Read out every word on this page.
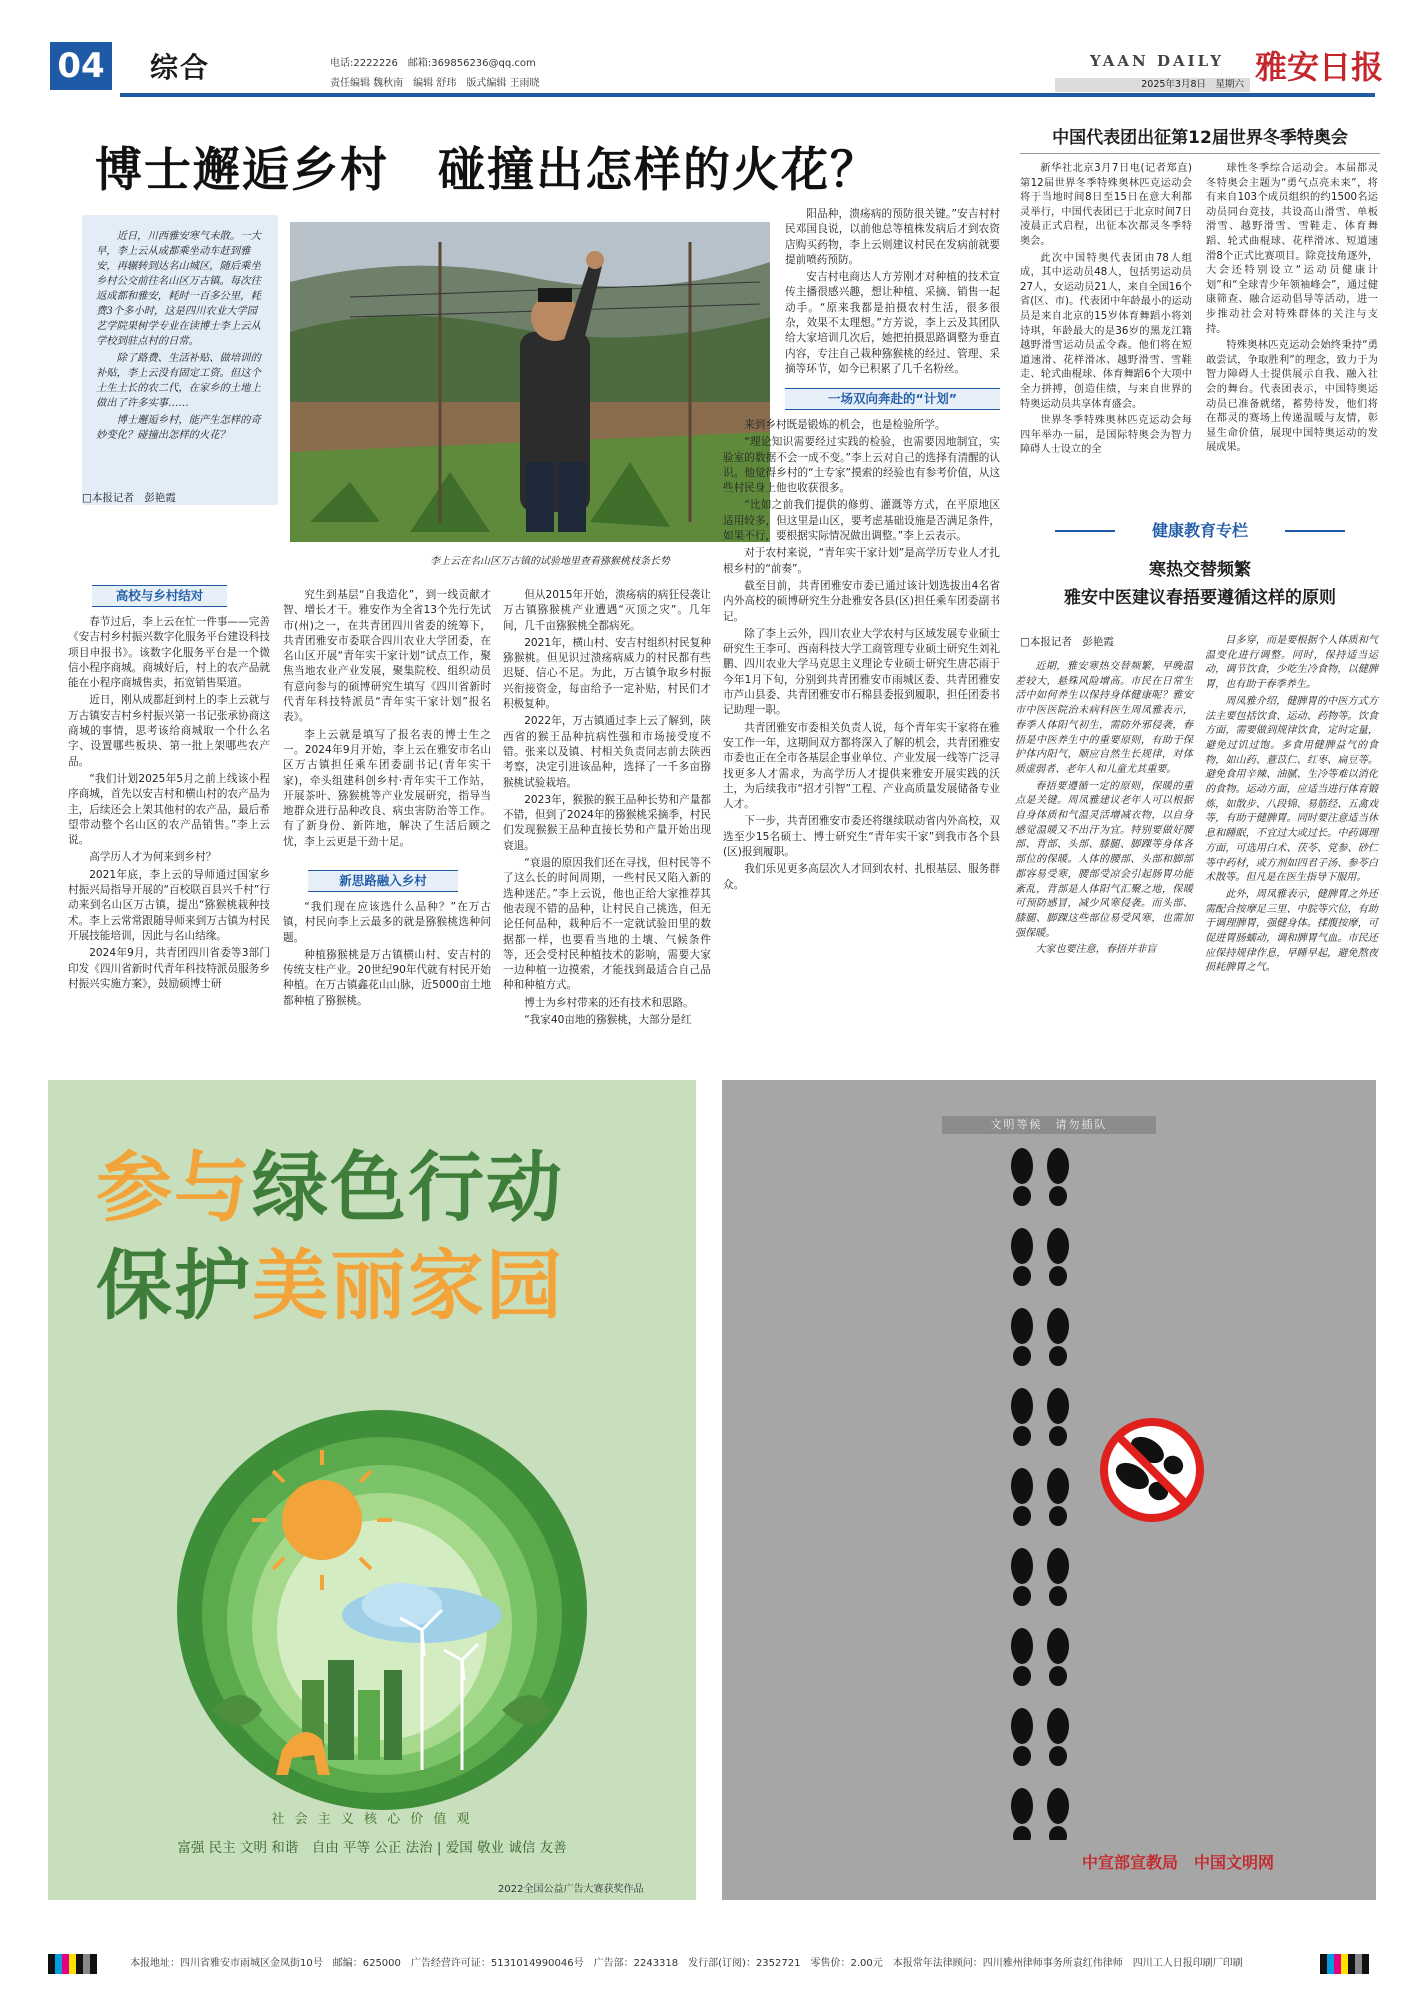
04 综合	电话:2222226　邮箱:369856236@qq.com
责任编辑 魏秋南　编辑 舒玮　版式编辑 王雨晓
YAAN DAILY
2025年3月8日　星期六 雅安日报
博士邂逅乡村　碰撞出怎样的火花？

近日，川西雅安寒气未散。一大早，李上云从成都乘坐动车赶到雅安，再辗转到达名山城区，随后乘坐乡村公交前往名山区万古镇。每次往返成都和雅安，耗时一百多公里，耗费3个多小时，这是四川农业大学园艺学院果树学专业在读博士李上云从学校到驻点村的日常。

除了路费、生活补贴、做培训的补贴，李上云没有固定工资。但这个土生土长的农二代，在家乡的土地上做出了许多实事……

博士邂逅乡村，能产生怎样的奇妙变化？碰撞出怎样的火花？

□本报记者　彭艳霞
李上云在名山区万古镇的试验地里查看猕猴桃枝条长势
高校与乡村结对

春节过后，李上云在忙一件事——完善《安吉村乡村振兴数字化服务平台建设科技项目申报书》。该数字化服务平台是一个微信小程序商城。商城好后，村上的农产品就能在小程序商城售卖，拓宽销售渠道。

近日，刚从成都赶到村上的李上云就与万古镇安吉村乡村振兴第一书记张承协商这商城的事情，思考该给商城取一个什么名字、设置哪些板块、第一批上架哪些农产品。

“我们计划2025年5月之前上线该小程序商城，首先以安吉村和横山村的农产品为主，后续还会上架其他村的农产品，最后希望带动整个名山区的农产品销售。”李上云说。

高学历人才为何来到乡村？

2021年底，李上云的导师通过国家乡村振兴局指导开展的“百校联百县兴千村”行动来到名山区万古镇，提出“猕猴桃栽种技术。李上云常常跟随导师来到万古镇为村民开展技能培训，因此与名山结缘。

2024年9月，共青团四川省委等3部门印发《四川省新时代青年科技特派员服务乡村振兴实施方案》，鼓励硕博士研

究生到基层“自我造化”，到一线贡献才智、增长才干。雅安作为全省13个先行先试市(州)之一，在共青团四川省委的统筹下，共青团雅安市委联合四川农业大学团委，在名山区开展“青年实干家计划”试点工作，聚焦当地农业产业发展，聚集院校、组织动员有意向参与的硕博研究生填写《四川省新时代青年科技特派员“青年实干家计划”报名表》。

李上云就是填写了报名表的博士生之一。2024年9月开始，李上云在雅安市名山区万古镇担任乘车团委副书记(青年实干家)，牵头组建科创乡村·青年实干工作站，开展茶叶、猕猴桃等产业发展研究，指导当地群众进行品种改良、病虫害防治等工作。有了新身份、新阵地，解决了生活后顾之忧，李上云更是干劲十足。

新思路融入乡村

“我们现在应该选什么品种？”在万古镇，村民向李上云最多的就是猕猴桃选种问题。

种植猕猴桃是万古镇横山村、安吉村的传统支柱产业。20世纪90年代就有村民开始种植。在万古镇鑫花山山脉，近5000亩土地都种植了猕猴桃。

但从2015年开始，溃疡病的病狂侵袭让万古镇猕猴桃产业遭遇“灭顶之灾”。几年间，几千亩猕猴桃全都病死。

2021年，横山村、安吉村组织村民复种猕猴桃。但见识过溃疡病威力的村民都有些迟疑、信心不足。为此，万古镇争取乡村振兴衔接资金，每亩给予一定补贴，村民们才积极复种。

2022年，万古镇通过李上云了解到，陕西省的猴王品种抗病性强和市场接受度不错。张来以及镇、村相关负责同志前去陕西考察，决定引进该品种，选择了一千多亩猕猴桃试验栽培。

2023年，猴猴的猴王品种长势和产量都不错，但到了2024年的猕猴桃采摘季，村民们发现猴猴王品种直接长势和产量开始出现衰退。

“衰退的原因我们还在寻找，但村民等不了这么长的时间周期，一些村民又陷入新的选种迷茫。”李上云说，他也正给大家推荐其他表现不错的品种，让村民自己挑选，但无论任何品种，栽种后不一定就试验田里的数据都一样，也要看当地的土壤、气候条件等，还会受村民种植技术的影响，需要大家一边种植一边摸索，才能找到最适合自己品种和种植方式。

博士为乡村带来的还有技术和思路。

“我家40亩地的猕猴桃，大部分是红

阳品种，溃疡病的预防很关键。”安吉村村民邓国良说，以前他总等植株发病后才到农资店购买药物，李上云则建议村民在发病前就要提前喷药预防。

安吉村电商达人方芳刚才对种植的技术宣传主播很感兴趣，想让种植、采摘、销售一起动手。“原来我都是拍摄农村生活，很多很杂，效果不太理想。”方芳说，李上云及其团队给大家培训几次后，她把拍摄思路调整为垂直内容，专注自己栽种猕猴桃的经过、管理、采摘等环节，如今已积累了几千名粉丝。

一场双向奔赴的“计划”

来到乡村既是锻炼的机会，也是检验所学。

“理论知识需要经过实践的检验，也需要因地制宜，实验室的数据不会一成不变。”李上云对自己的选择有清醒的认识。他觉得乡村的“土专家”摸索的经验也有参考价值，从这些村民身上他也收获很多。

“比如之前我们提供的修剪、灌溉等方式，在平原地区适用较多，但这里是山区，要考虑基础设施是否满足条件，如果不行，要根据实际情况做出调整。”李上云表示。

对于农村来说，“青年实干家计划”是高学历专业人才扎根乡村的“前奏”。

截至目前，共青团雅安市委已通过该计划选拔出4名省内外高校的硕博研究生分赴雅安各县(区)担任乘车团委副书记。

除了李上云外，四川农业大学农村与区域发展专业硕士研究生王李可、西南科技大学工商管理专业硕士研究生刘礼鹏、四川农业大学马克思主义理论专业硕士研究生唐芯雨于今年1月下旬，分别到共青团雅安市雨城区委、共青团雅安市芦山县委、共青团雅安市石棉县委报到履职，担任团委书记助理一职。

共青团雅安市委相关负责人说，每个青年实干家将在雅安工作一年，这期间双方都将深入了解的机会，共青团雅安市委也正在全市各基层企事业单位、产业发展一线等广泛寻找更多人才需求，为高学历人才提供来雅安开展实践的沃土，为后续我市“招才引智”工程、产业高质量发展储备专业人才。

下一步，共青团雅安市委还将继续联动省内外高校，双选至少15名硕士、博士研究生“青年实干家”到我市各个县(区)报到履职。

我们乐见更多高层次人才回到农村、扎根基层、服务群众。

中国代表团出征第12届世界冬季特奥会

新华社北京3月7日电(记者郑直)第12届世界冬季特殊奥林匹克运动会将于当地时间8日至15日在意大利都灵举行，中国代表团已于北京时间7日凌晨正式启程，出征本次都灵冬季特奥会。

此次中国特奥代表团由78人组成，其中运动员48人，包括男运动员27人，女运动员21人，来自全国16个省(区、市)。代表团中年龄最小的运动员是来自北京的15岁体育舞蹈小将刘诗琪，年龄最大的是36岁的黑龙江籍越野滑雪运动员孟令森。他们将在短道速滑、花样滑冰、越野滑雪、雪鞋走、轮式曲棍球、体育舞蹈6个大项中全力拼搏，创造佳绩，与来自世界的特奥运动员共享体育盛会。

世界冬季特殊奥林匹克运动会每四年举办一届，是国际特奥会为智力障碍人士设立的全

球性冬季综合运动会。本届都灵冬特奥会主题为“勇气点亮未来”，将有来自103个成员组织的约1500名运动员同台竞技，共设高山滑雪、单板滑雪、越野滑雪、雪鞋走、体育舞蹈、轮式曲棍球、花样滑冰、短道速滑8个正式比赛项目。除竞技角逐外，大会还特别设立“运动员健康计划”和“全球青少年领袖峰会”，通过健康筛查、融合运动倡导等活动，进一步推动社会对特殊群体的关注与支持。

特殊奥林匹克运动会始终秉持“勇敢尝试，争取胜利”的理念，致力于为智力障碍人士提供展示自我、融入社会的舞台。代表团表示，中国特奥运动员已准备就绪，蓄势待发，他们将在都灵的赛场上传递温暖与友情，彰显生命价值，展现中国特奥运动的发展成果。

健康教育专栏
寒热交替频繁
雅安中医建议春捂要遵循这样的原则
□本报记者　彭艳霞

近期，雅安寒热交替频繁，早晚温差较大，悬殊风险增高。市民在日常生活中如何养生以保持身体健康呢？雅安市中医医院治未病科医生周凤雅表示，春季人体阳气初生，需防外邪侵袭，春捂是中医养生中的重要原则，有助于保护体内阳气，顺应自然生长规律，对体质虚弱者、老年人和儿童尤其重要。

春捂要遵循一定的原则，保暖的重点是关键。周凤雅建议老年人可以根据自身体质和气温灵活增减衣物，以自身感觉温暖又不出汗为宜。特别要做好腰部、背部、头部、膝腿、脚踝等身体各部位的保暖。人体的腰部、头部和脚部都容易受寒，腰部受凉会引起肠胃功能紊乱，背部是人体阳气汇聚之地，保暖可预防感冒，减少风寒侵袭。而头部、膝腿、脚踝这些部位易受风寒，也需加强保暖。

大家也要注意，春捂并非盲

目多穿，而是要根据个人体质和气温变化进行调整。同时，保持适当运动，调节饮食，少吃生冷食物，以健脾胃，也有助于春季养生。

周凤雅介绍，健脾胃的中医方式方法主要包括饮食、运动、药物等。饮食方面，需要做到规律饮食，定时定量，避免过饥过饱。多食用健脾益气的食物，如山药、薏苡仁、红枣、扁豆等。避免食用辛辣、油腻、生冷等难以消化的食物。运动方面，应适当进行体育锻炼，如散步、八段锦、易筋经、五禽戏等，有助于健脾胃。同时要注意适当休息和睡眠，不宜过大或过长。中药调理方面，可选用白术、茯苓、党参、砂仁等中药材，或方剂如四君子汤、参苓白术散等。但凡是在医生指导下服用。

此外，周凤雅表示，健脾胃之外还需配合按摩足三里、中脘等穴位，有助于调理脾胃，强健身体。揉腹按摩，可促进胃肠蠕动，调和脾胃气血。市民还应保持规律作息，早睡早起，避免熬夜损耗脾胃之气。

参与绿色行动
保护美丽家园
社 会 主 义 核 心 价 值 观
富强 民主 文明 和谐　自由 平等 公正 法治 | 爱国 敬业 诚信 友善
2022全国公益广告大赛获奖作品
文明等候　请勿插队
中宣部宣教局　中国文明网
本报地址：四川省雅安市雨城区金凤街10号　邮编：625000　广告经营许可证：5131014990046号　广告部：2243318　发行部(订阅)：2352721　零售价：2.00元　本报常年法律顾问：四川雅州律师事务所袁红伟律师　四川工人日报印刷厂印刷
